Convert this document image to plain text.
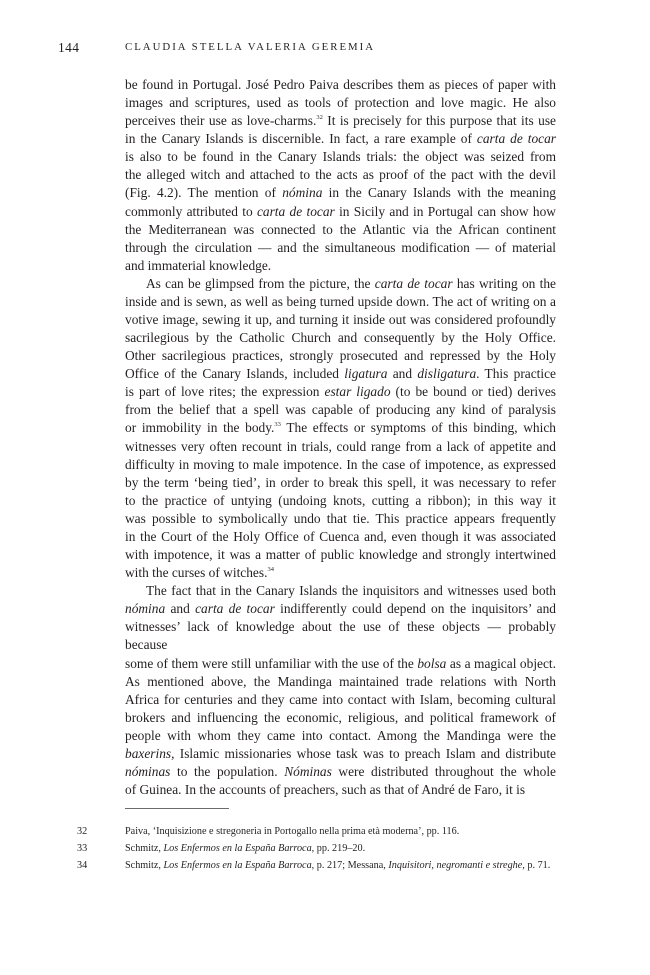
144	CLAUDIA STELLA VALERIA GEREMIA

be found in Portugal. José Pedro Paiva describes them as pieces of paper with

images and scriptures, used as tools of protection and love magic. He also

perceives their use as love-charms.$^{32}$ It is precisely for this purpose that its use

in the Canary Islands is discernible. In fact, a rare example of carta de tocar

is also to be found in the Canary Islands trials: the object was seized from

the alleged witch and attached to the acts as proof of the pact with the devil

(Fig. 4.2). The mention of nómina in the Canary Islands with the meaning

commonly attributed to carta de tocar in Sicily and in Portugal can show how

the Mediterranean was connected to the Atlantic via the African continent

through the circulation — and the simultaneous modification — of material

and immaterial knowledge.

As can be glimpsed from the picture, the carta de tocar has writing on the

inside and is sewn, as well as being turned upside down. The act of writing on a

votive image, sewing it up, and turning it inside out was considered profoundly

sacrilegious by the Catholic Church and consequently by the Holy Office.

Other sacrilegious practices, strongly prosecuted and repressed by the Holy

Office of the Canary Islands, included ligatura and disligatura. This practice

is part of love rites; the expression estar ligado (to be bound or tied) derives

from the belief that a spell was capable of producing any kind of paralysis

or immobility in the body.$^{33}$ The effects or symptoms of this binding, which

witnesses very often recount in trials, could range from a lack of appetite and

difficulty in moving to male impotence. In the case of impotence, as expressed

by the term ‘being tied’, in order to break this spell, it was necessary to refer

to the practice of untying (undoing knots, cutting a ribbon); in this way it

was possible to symbolically undo that tie. This practice appears frequently

in the Court of the Holy Office of Cuenca and, even though it was associated

with impotence, it was a matter of public knowledge and strongly intertwined

with the curses of witches.$^{34}$

The fact that in the Canary Islands the inquisitors and witnesses used both

nómina and carta de tocar indifferently could depend on the inquisitors’ and

witnesses’ lack of knowledge about the use of these objects — probably because

some of them were still unfamiliar with the use of the bolsa as a magical object.

As mentioned above, the Mandinga maintained trade relations with North

Africa for centuries and they came into contact with Islam, becoming cultural

brokers and influencing the economic, religious, and political framework of

people with whom they came into contact. Among the Mandinga were the

baxerins, Islamic missionaries whose task was to preach Islam and distribute

nóminas to the population. Nóminas were distributed throughout the whole

of Guinea. In the accounts of preachers, such as that of André de Faro, it is

32	Paiva, ‘Inquisizione e stregoneria in Portogallo nella prima età moderna’, pp. 116.
33	Schmitz, Los Enfermos en la España Barroca, pp. 219–20.
34	Schmitz, Los Enfermos en la España Barroca, p. 217; Messana, Inquisitori, negromanti e streghe, p. 71.
